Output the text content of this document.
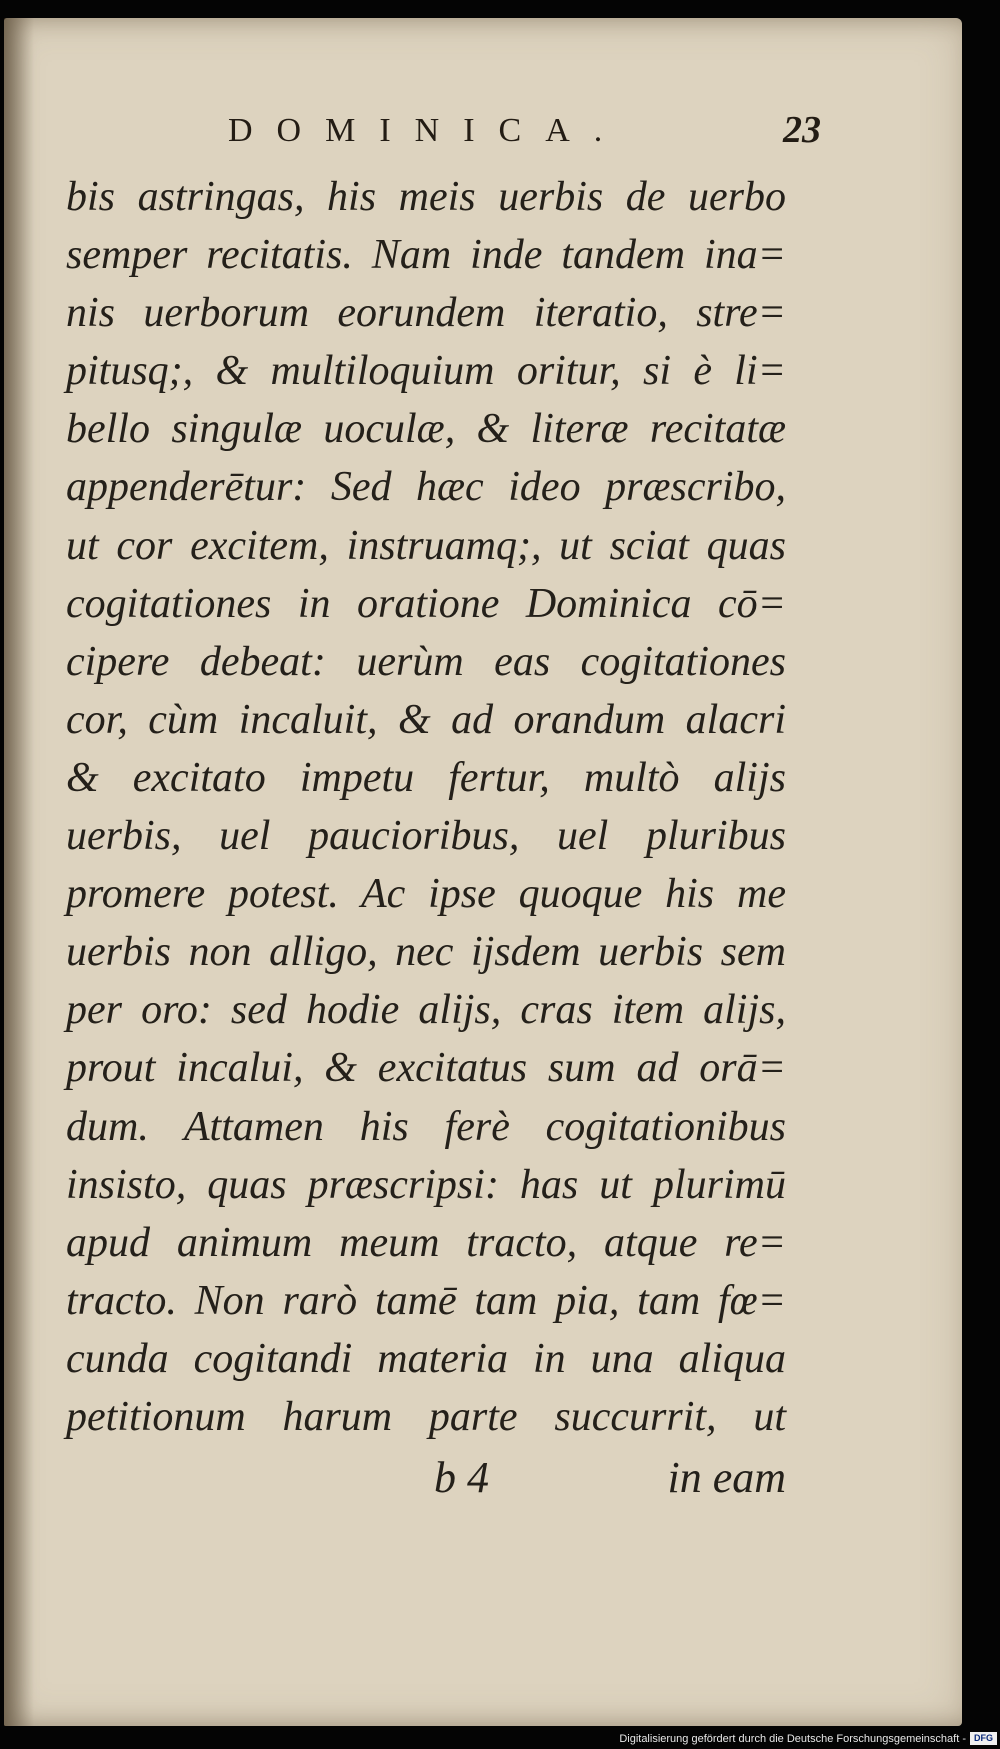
DOMINICA.	23
bis astringas, his meis uerbis de uerbo
semper recitatis. Nam inde tandem ina=
nis uerborum eorundem iteratio, stre=
pitusq;, & multiloquium oritur, si è li=
bello singulæ uoculæ, & literæ recitatæ
appenderētur: Sed hæc ideo præscribo,
ut cor excitem, instruamq;, ut sciat quas
cogitationes in oratione Dominica cō=
cipere debeat: uerùm eas cogitationes
cor, cùm incaluit, & ad orandum alacri
& excitato impetu fertur, multò alijs
uerbis, uel paucioribus, uel pluribus
promere potest. Ac ipse quoque his me
uerbis non alligo, nec ijsdem uerbis sem
per oro: sed hodie alijs, cras item alijs,
prout incalui, & excitatus sum ad orā=
dum. Attamen his ferè cogitationibus
insisto, quas præscripsi: has ut plurimū
apud animum meum tracto, atque re=
tracto. Non rarò tamē tam pia, tam fœ=
cunda cogitandi materia in una aliqua
petitionum harum parte succurrit, ut
b 4	in eam
Digitalisierung gefördert durch die Deutsche Forschungsgemeinschaft - DFG
